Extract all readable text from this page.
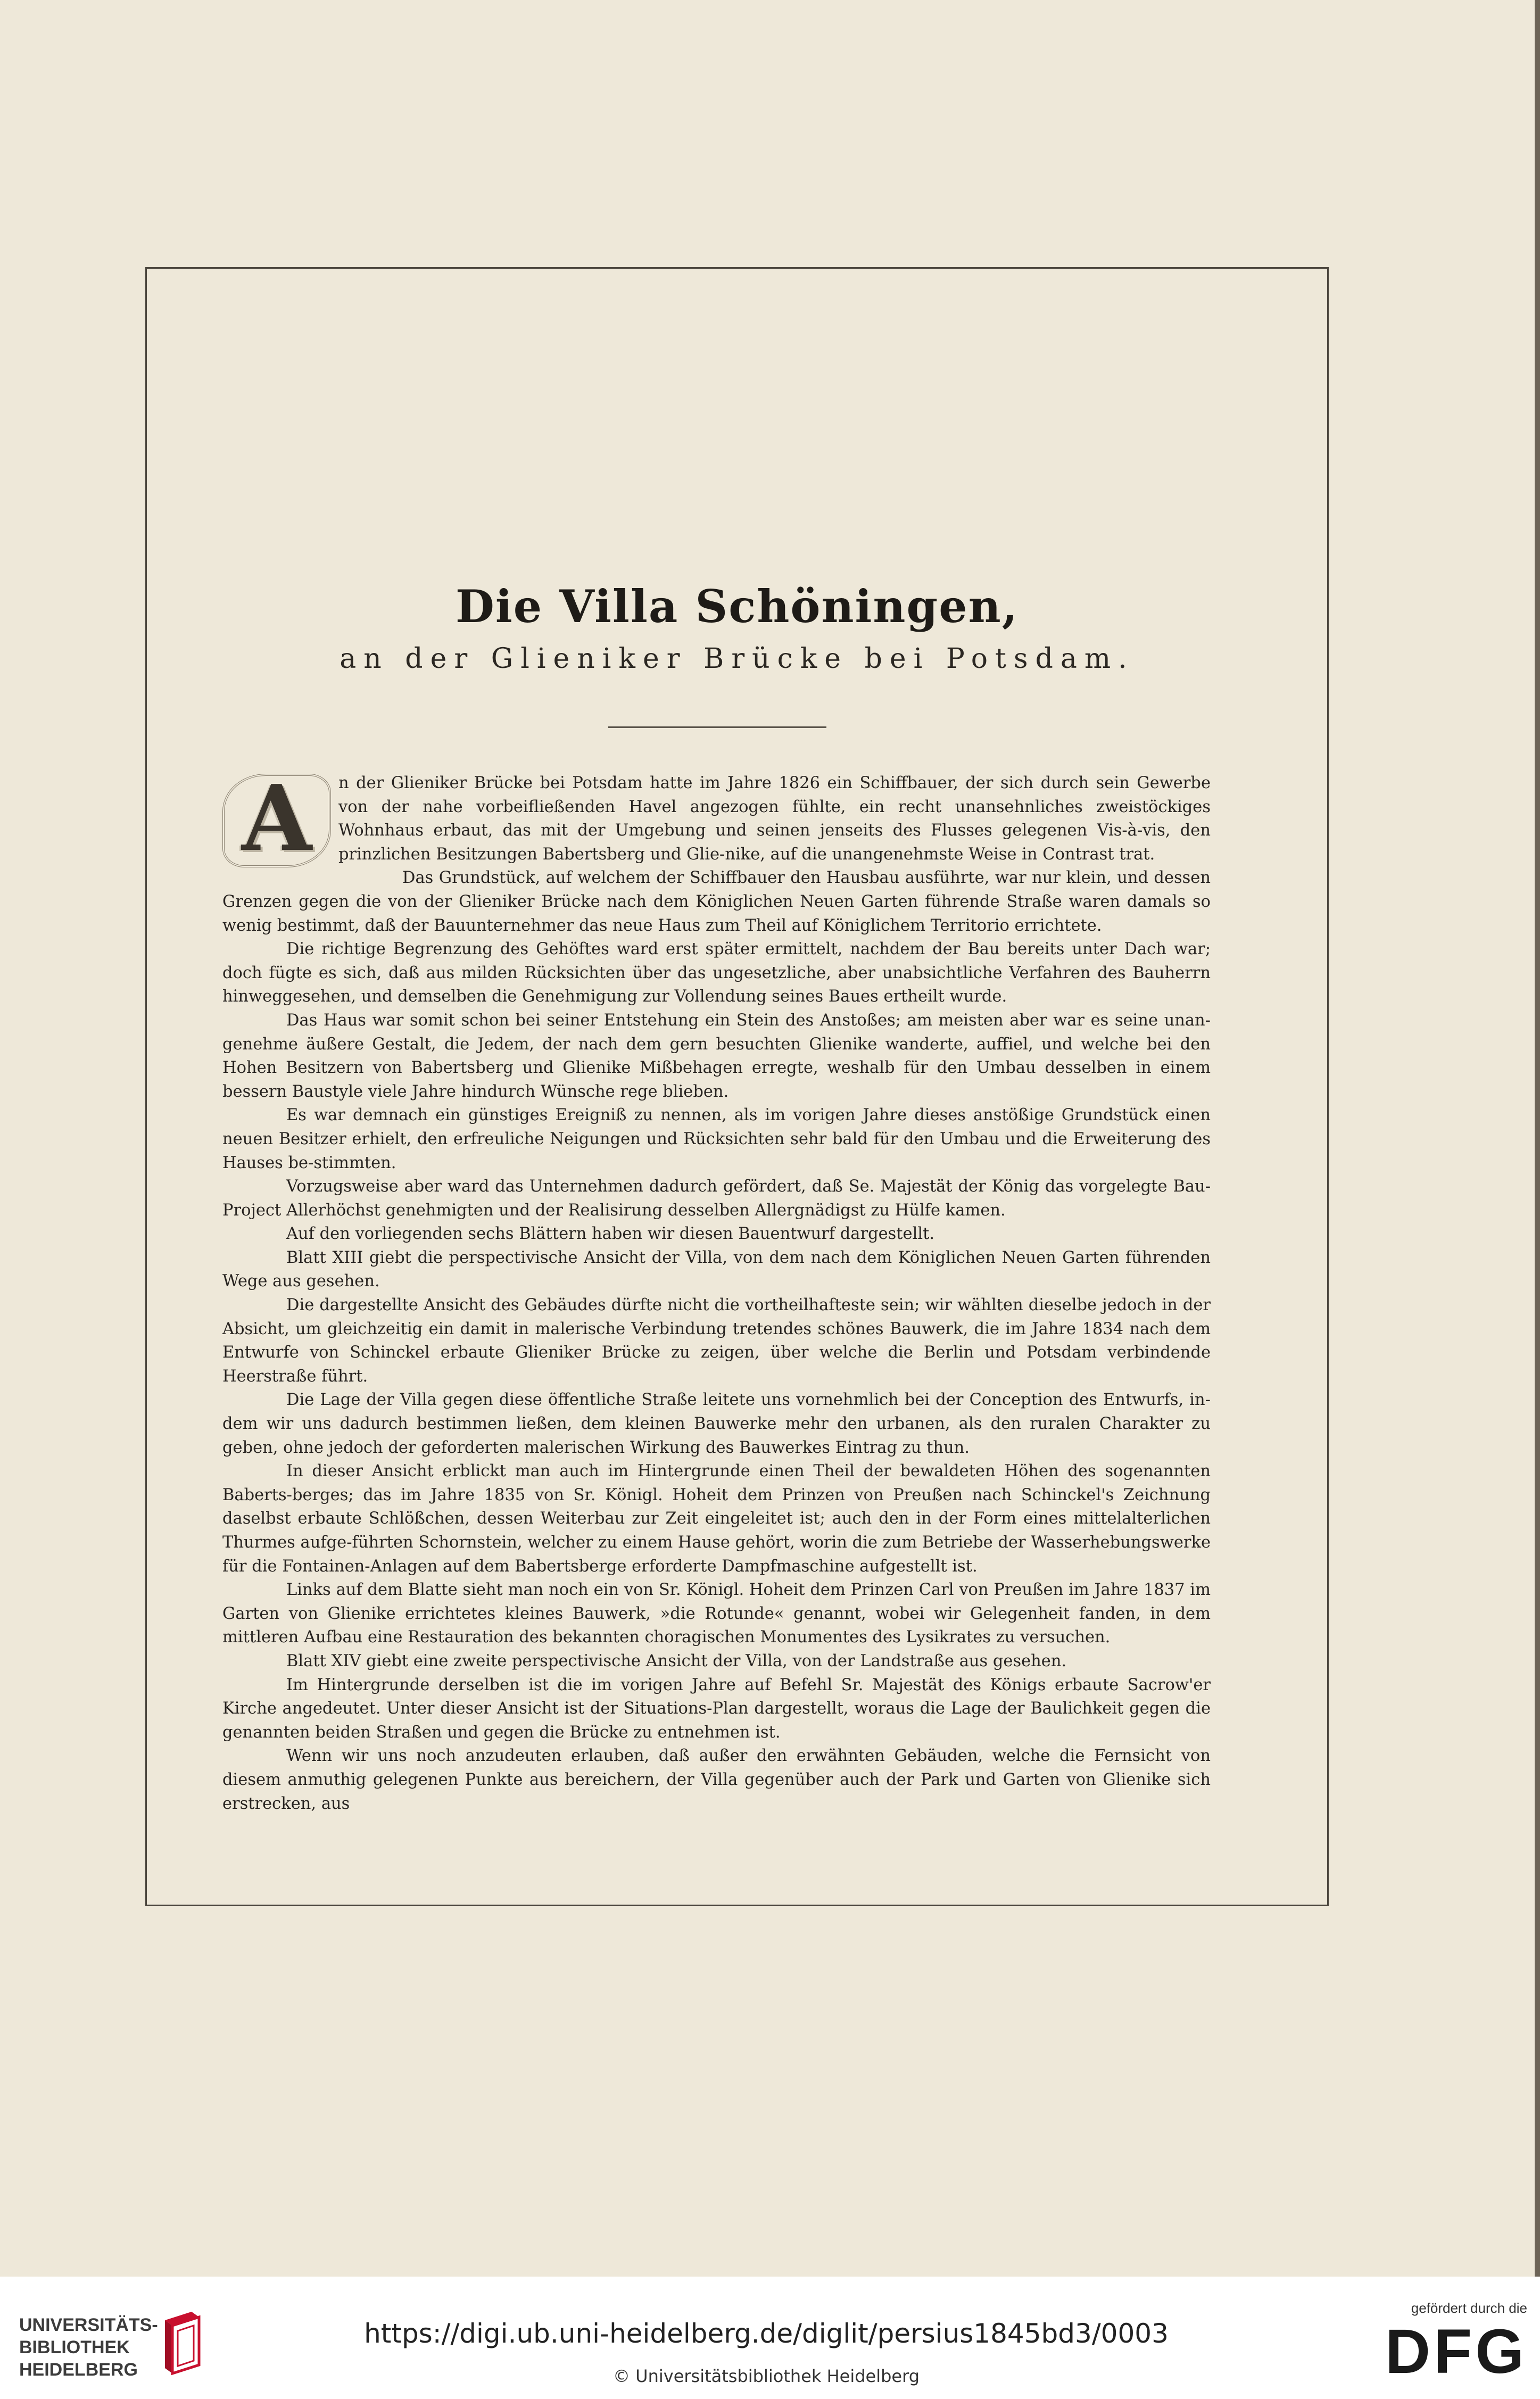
Die Villa Schöningen,
an der Glieniker Brücke bei Potsdam.

A	n der Glieniker Brücke bei Potsdam hatte im Jahre 1826 ein Schiffbauer, der sich durch sein Gewerbe von der nahe vorbeifließenden Havel angezogen fühlte, ein recht unansehnliches zweistöckiges Wohnhaus erbaut, das mit der Umgebung und seinen jenseits des Flusses gelegenen Vis-à-vis, den prinzlichen Besitzungen Babertsberg und Glie-nike, auf die unangenehmste Weise in Contrast trat.

Das Grundstück, auf welchem der Schiffbauer den Hausbau ausführte, war nur klein, und dessen Grenzen gegen die von der Glieniker Brücke nach dem Königlichen Neuen Garten führende Straße waren damals so wenig bestimmt, daß der Bauunternehmer das neue Haus zum Theil auf Königlichem Territorio errichtete.

Die richtige Begrenzung des Gehöftes ward erst später ermittelt, nachdem der Bau bereits unter Dach war; doch fügte es sich, daß aus milden Rücksichten über das ungesetzliche, aber unabsichtliche Verfahren des Bauherrn hinweggesehen, und demselben die Genehmigung zur Vollendung seines Baues ertheilt wurde.

Das Haus war somit schon bei seiner Entstehung ein Stein des Anstoßes; am meisten aber war es seine unan-genehme äußere Gestalt, die Jedem, der nach dem gern besuchten Glienike wanderte, auffiel, und welche bei den Hohen Besitzern von Babertsberg und Glienike Mißbehagen erregte, weshalb für den Umbau desselben in einem bessern Baustyle viele Jahre hindurch Wünsche rege blieben.

Es war demnach ein günstiges Ereigniß zu nennen, als im vorigen Jahre dieses anstößige Grundstück einen neuen Besitzer erhielt, den erfreuliche Neigungen und Rücksichten sehr bald für den Umbau und die Erweiterung des Hauses be-stimmten.

Vorzugsweise aber ward das Unternehmen dadurch gefördert, daß Se. Majestät der König das vorgelegte Bau-Project Allerhöchst genehmigten und der Realisirung desselben Allergnädigst zu Hülfe kamen.

Auf den vorliegenden sechs Blättern haben wir diesen Bauentwurf dargestellt.

Blatt XIII giebt die perspectivische Ansicht der Villa, von dem nach dem Königlichen Neuen Garten führenden Wege aus gesehen.

Die dargestellte Ansicht des Gebäudes dürfte nicht die vortheilhafteste sein; wir wählten dieselbe jedoch in der Absicht, um gleichzeitig ein damit in malerische Verbindung tretendes schönes Bauwerk, die im Jahre 1834 nach dem Entwurfe von Schinckel erbaute Glieniker Brücke zu zeigen, über welche die Berlin und Potsdam verbindende Heerstraße führt.

Die Lage der Villa gegen diese öffentliche Straße leitete uns vornehmlich bei der Conception des Entwurfs, in-dem wir uns dadurch bestimmen ließen, dem kleinen Bauwerke mehr den urbanen, als den ruralen Charakter zu geben, ohne jedoch der geforderten malerischen Wirkung des Bauwerkes Eintrag zu thun.

In dieser Ansicht erblickt man auch im Hintergrunde einen Theil der bewaldeten Höhen des sogenannten Baberts-berges; das im Jahre 1835 von Sr. Königl. Hoheit dem Prinzen von Preußen nach Schinckel's Zeichnung daselbst erbaute Schlößchen, dessen Weiterbau zur Zeit eingeleitet ist; auch den in der Form eines mittelalterlichen Thurmes aufge-führten Schornstein, welcher zu einem Hause gehört, worin die zum Betriebe der Wasserhebungswerke für die Fontainen-Anlagen auf dem Babertsberge erforderte Dampfmaschine aufgestellt ist.

Links auf dem Blatte sieht man noch ein von Sr. Königl. Hoheit dem Prinzen Carl von Preußen im Jahre 1837 im Garten von Glienike errichtetes kleines Bauwerk, »die Rotunde« genannt, wobei wir Gelegenheit fanden, in dem mittleren Aufbau eine Restauration des bekannten choragischen Monumentes des Lysikrates zu versuchen.

Blatt XIV giebt eine zweite perspectivische Ansicht der Villa, von der Landstraße aus gesehen.

Im Hintergrunde derselben ist die im vorigen Jahre auf Befehl Sr. Majestät des Königs erbaute Sacrow'er Kirche angedeutet. Unter dieser Ansicht ist der Situations-Plan dargestellt, woraus die Lage der Baulichkeit gegen die genannten beiden Straßen und gegen die Brücke zu entnehmen ist.

Wenn wir uns noch anzudeuten erlauben, daß außer den erwähnten Gebäuden, welche die Fernsicht von diesem anmuthig gelegenen Punkte aus bereichern, der Villa gegenüber auch der Park und Garten von Glienike sich erstrecken, aus

UNIVERSITÄTS-
BIBLIOTHEK
HEIDELBERG
https://digi.ub.uni-heidelberg.de/diglit/persius1845bd3/0003
© Universitätsbibliothek Heidelberg
gefördert durch die
DFG
